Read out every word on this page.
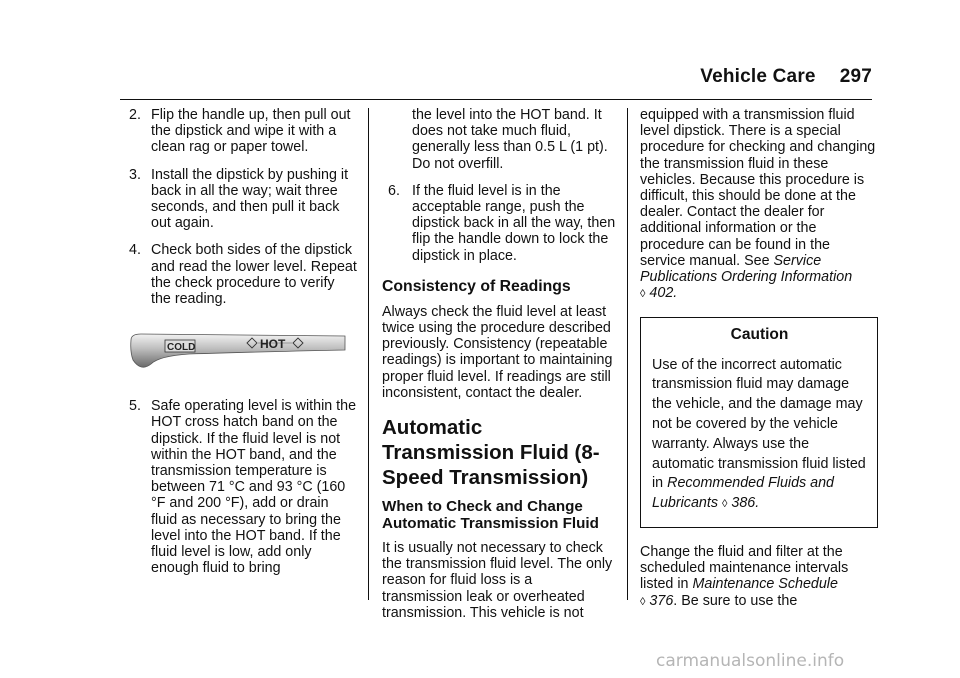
Vehicle Care 297
2. Flip the handle up, then pull out the dipstick and wipe it with a clean rag or paper towel.

3. Install the dipstick by pushing it back in all the way; wait three seconds, and then pull it back out again.

4. Check both sides of the dipstick and read the lower level. Repeat the check procedure to verify the reading.

COLD	HOT
5. Safe operating level is within the HOT cross hatch band on the dipstick. If the fluid level is not within the HOT band, and the transmission temperature is between 71 °C and 93 °C (160 °F and 200 °F), add or drain fluid as necessary to bring the level into the HOT band. If the fluid level is low, add only enough fluid to bring

the level into the HOT band. It does not take much fluid, generally less than 0.5 L (1 pt). Do not overfill.

6. If the fluid level is in the acceptable range, push the dipstick back in all the way, then flip the handle down to lock the dipstick in place.

Consistency of Readings

Always check the fluid level at least twice using the procedure described previously. Consistency (repeatable readings) is important to maintaining proper fluid level. If readings are still inconsistent, contact the dealer.

Automatic Transmission Fluid (8-Speed Transmission)
When to Check and Change Automatic Transmission Fluid

It is usually not necessary to check the transmission fluid level. The only reason for fluid loss is a transmission leak or overheated transmission. This vehicle is not

equipped with a transmission fluid level dipstick. There is a special procedure for checking and changing the transmission fluid in these vehicles. Because this procedure is difficult, this should be done at the dealer. Contact the dealer for additional information or the procedure can be found in the service manual. See Service Publications Ordering Information
◊ 402.

Caution

Use of the incorrect automatic transmission fluid may damage the vehicle, and the damage may not be covered by the vehicle warranty. Always use the automatic transmission fluid listed in Recommended Fluids and Lubricants ◊ 386.

Change the fluid and filter at the scheduled maintenance intervals listed in Maintenance Schedule
◊ 376. Be sure to use the

carmanualsonline.info
